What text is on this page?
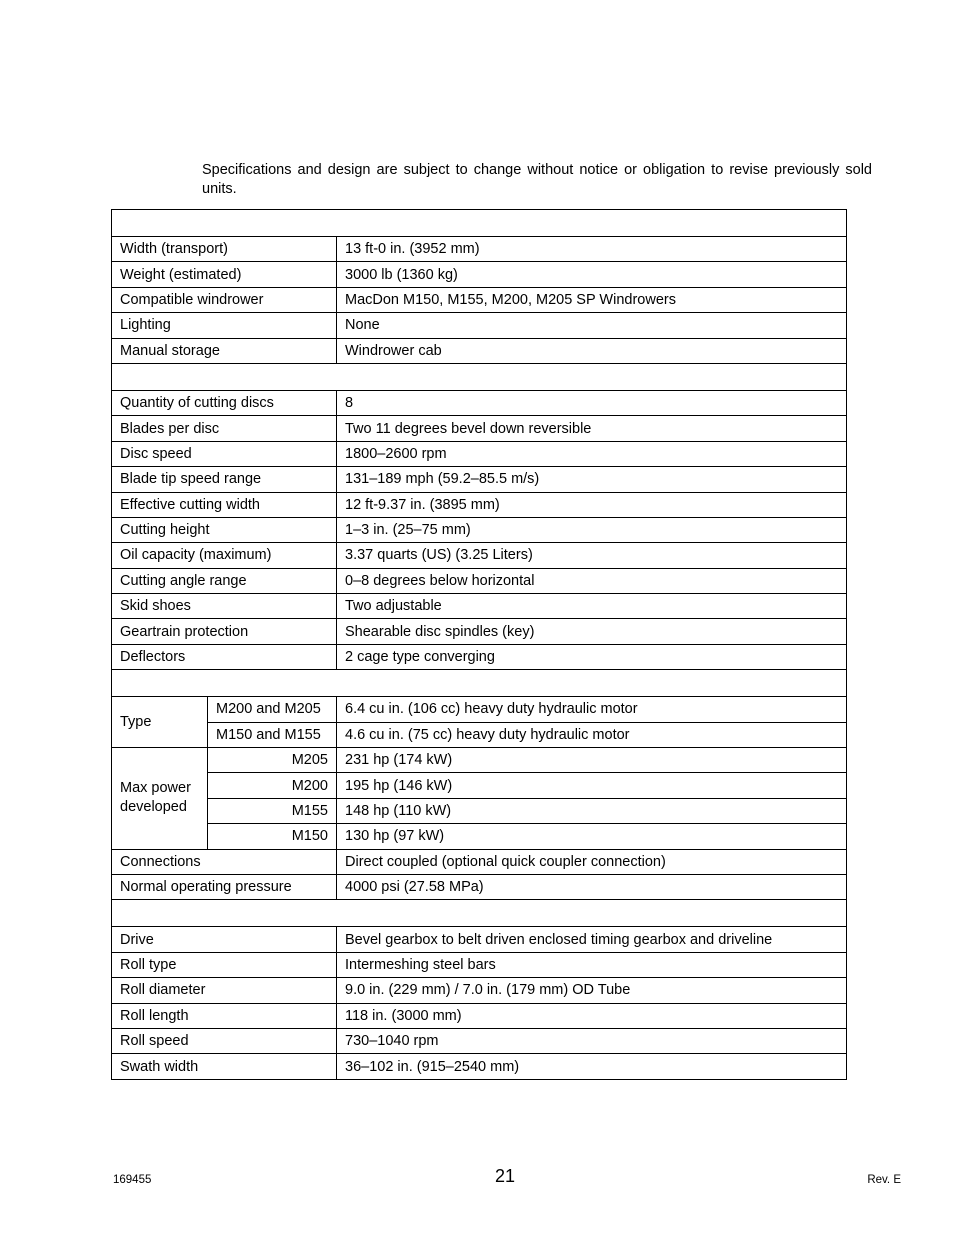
Specifications and design are subject to change without notice or obligation to revise previously sold units.

Width (transport)		13 ft-0 in. (3952 mm)
Weight (estimated)		3000 lb (1360 kg)
Compatible windrower		MacDon M150, M155, M200, M205 SP Windrowers
Lighting		None
Manual storage		Windrower cab

Quantity of cutting discs		8
Blades per disc		Two 11 degrees bevel down reversible
Disc speed		1800–2600 rpm
Blade tip speed range		131–189 mph (59.2–85.5 m/s)
Effective cutting width		12 ft-9.37 in. (3895 mm)
Cutting height		1–3 in. (25–75 mm)
Oil capacity (maximum)		3.37 quarts (US) (3.25 Liters)
Cutting angle range		0–8 degrees below horizontal
Skid shoes		Two adjustable
Geartrain protection		Shearable disc spindles (key)
Deflectors		2 cage type converging

Type	M200 and M205	6.4 cu in. (106 cc) heavy duty hydraulic motor
	M150 and M155	4.6 cu in. (75 cc) heavy duty hydraulic motor
Max power developed	M205	231 hp (174 kW)
	M200	195 hp (146 kW)
	M155	148 hp (110 kW)
	M150	130 hp (97 kW)
Connections		Direct coupled (optional quick coupler connection)
Normal operating pressure		4000 psi (27.58 MPa)

Drive		Bevel gearbox to belt driven enclosed timing gearbox and driveline
Roll type		Intermeshing steel bars
Roll diameter		9.0 in. (229 mm) / 7.0 in. (179 mm) OD Tube
Roll length		118 in. (3000 mm)
Roll speed		730–1040 rpm
Swath width		36–102 in. (915–2540 mm)
169455	21	Rev. E
